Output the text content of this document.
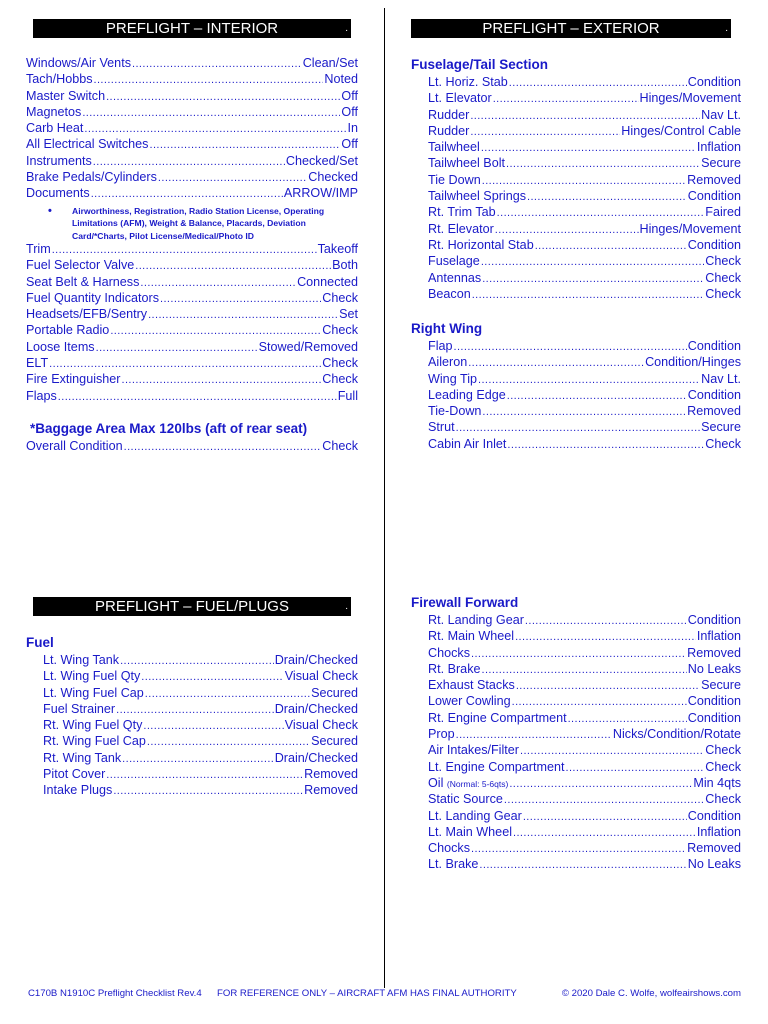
PREFLIGHT – INTERIOR	.
Windows/Air Vents .....	Clean/Set
Tach/Hobbs .....	Noted
Master Switch .....	Off
Magnetos .....	Off
Carb Heat .....	In
All Electrical Switches .....	Off
Instruments .....	Checked/Set
Brake Pedals/Cylinders .....	Checked
Documents .....	ARROW/IMP
•	Airworthiness, Registration, Radio Station License, Operating Limitations (AFM), Weight & Balance, Placards, Deviation Card/*Charts, Pilot License/Medical/Photo ID
Trim .....	Takeoff
Fuel Selector Valve .....	Both
Seat Belt & Harness .....	Connected
Fuel Quantity Indicators .....	Check
Headsets/EFB/Sentry .....	Set
Portable Radio .....	Check
Loose Items .....	Stowed/Removed
ELT .....	Check
Fire Extinguisher .....	Check
Flaps .....	Full
*Baggage Area Max 120lbs (aft of rear seat)
Overall Condition .....	Check
PREFLIGHT – FUEL/PLUGS	.
Fuel
Lt. Wing Tank .....	Drain/Checked
Lt. Wing Fuel Qty .....	Visual Check
Lt. Wing Fuel Cap .....	Secured
Fuel Strainer .....	Drain/Checked
Rt. Wing Fuel Qty .....	Visual Check
Rt. Wing Fuel Cap .....	Secured
Rt. Wing Tank .....	Drain/Checked
Pitot Cover .....	Removed
Intake Plugs .....	Removed
PREFLIGHT – EXTERIOR	.
Fuselage/Tail Section
Lt. Horiz. Stab .....	Condition
Lt. Elevator .....	Hinges/Movement
Rudder .....	Nav Lt.
Rudder .....	Hinges/Control Cable
Tailwheel .....	Inflation
Tailwheel Bolt .....	Secure
Tie Down .....	Removed
Tailwheel Springs .....	Condition
Rt. Trim Tab .....	Faired
Rt. Elevator .....	Hinges/Movement
Rt. Horizontal Stab .....	Condition
Fuselage .....	Check
Antennas .....	Check
Beacon .....	Check
Right Wing
Flap .....	Condition
Aileron .....	Condition/Hinges
Wing Tip .....	Nav Lt.
Leading Edge .....	Condition
Tie-Down .....	Removed
Strut .....	Secure
Cabin Air Inlet .....	Check
Firewall Forward
Rt. Landing Gear .....	Condition
Rt. Main Wheel .....	Inflation
Chocks .....	Removed
Rt. Brake .....	No Leaks
Exhaust Stacks .....	Secure
Lower Cowling .....	Condition
Rt. Engine Compartment .....	Condition
Prop .....	Nicks/Condition/Rotate
Air Intakes/Filter .....	Check
Lt. Engine Compartment .....	Check
Oil
(Normal: 5-6qts) .....	Min 4qts
Static Source .....	Check
Lt. Landing Gear .....	Condition
Lt. Main Wheel .....	Inflation
Chocks .....	Removed
Lt. Brake .....	No Leaks
C170B N1910C Preflight Checklist Rev.4 FOR REFERENCE ONLY – AIRCRAFT AFM HAS FINAL AUTHORITY	© 2020 Dale C. Wolfe, wolfeairshows.com
